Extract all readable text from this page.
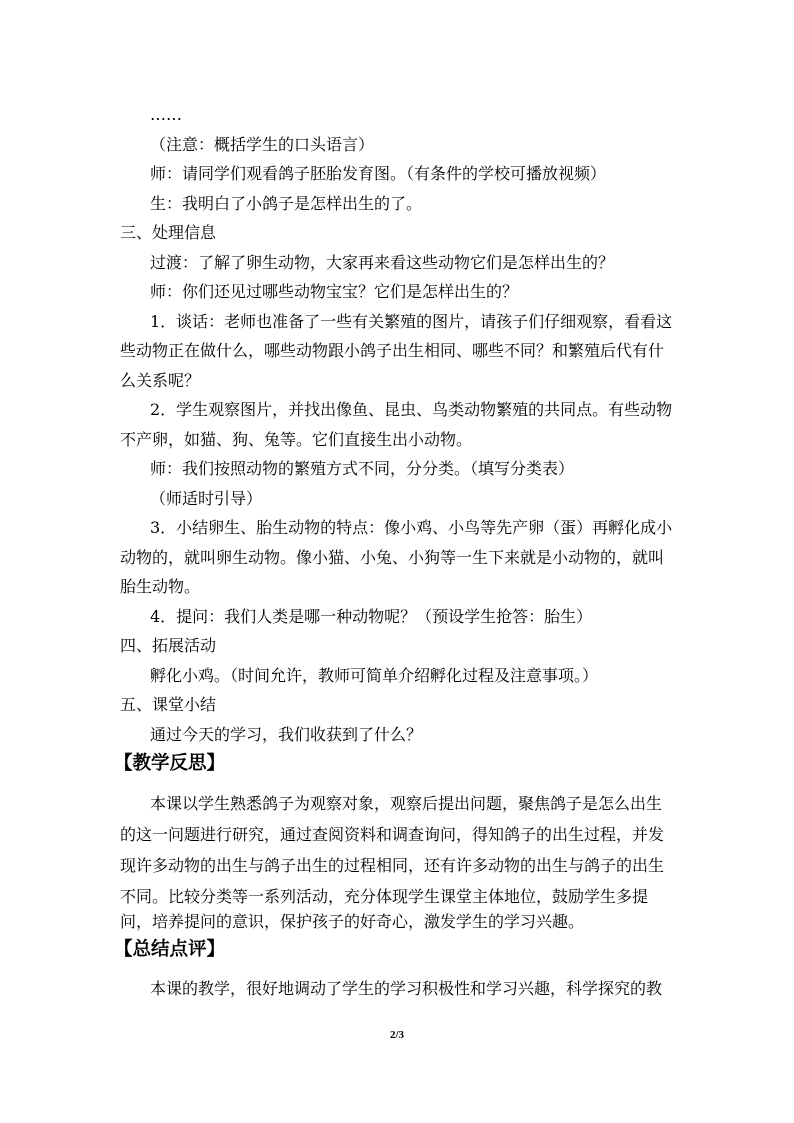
……
（注意：概括学生的口头语言）
师：请同学们观看鸽子胚胎发育图。（有条件的学校可播放视频）
生：我明白了小鸽子是怎样出生的了。
三、处理信息
过渡：了解了卵生动物，大家再来看这些动物它们是怎样出生的？
师：你们还见过哪些动物宝宝？它们是怎样出生的？
1．谈话：老师也准备了一些有关繁殖的图片，请孩子们仔细观察，看看这
些动物正在做什么，哪些动物跟小鸽子出生相同、哪些不同？和繁殖后代有什
么关系呢？
2．学生观察图片，并找出像鱼、昆虫、鸟类动物繁殖的共同点。有些动物
不产卵，如猫、狗、兔等。它们直接生出小动物。
师：我们按照动物的繁殖方式不同，分分类。（填写分类表）
（师适时引导）
3．小结卵生、胎生动物的特点：像小鸡、小鸟等先产卵（蛋）再孵化成小
动物的，就叫卵生动物。像小猫、小兔、小狗等一生下来就是小动物的，就叫
胎生动物。
4．提问：我们人类是哪一种动物呢？（预设学生抢答：胎生）
四、拓展活动
孵化小鸡。（时间允许，教师可简单介绍孵化过程及注意事项。）
五、课堂小结
通过今天的学习，我们收获到了什么？
【教学反思】
本课以学生熟悉鸽子为观察对象，观察后提出问题，聚焦鸽子是怎么出生
的这一问题进行研究，通过查阅资料和调查询问，得知鸽子的出生过程，并发
现许多动物的出生与鸽子出生的过程相同，还有许多动物的出生与鸽子的出生
不同。比较分类等一系列活动，充分体现学生课堂主体地位，鼓励学生多提
问，培养提问的意识，保护孩子的好奇心，激发学生的学习兴趣。
【总结点评】
本课的教学，很好地调动了学生的学习积极性和学习兴趣，科学探究的教
2/3
